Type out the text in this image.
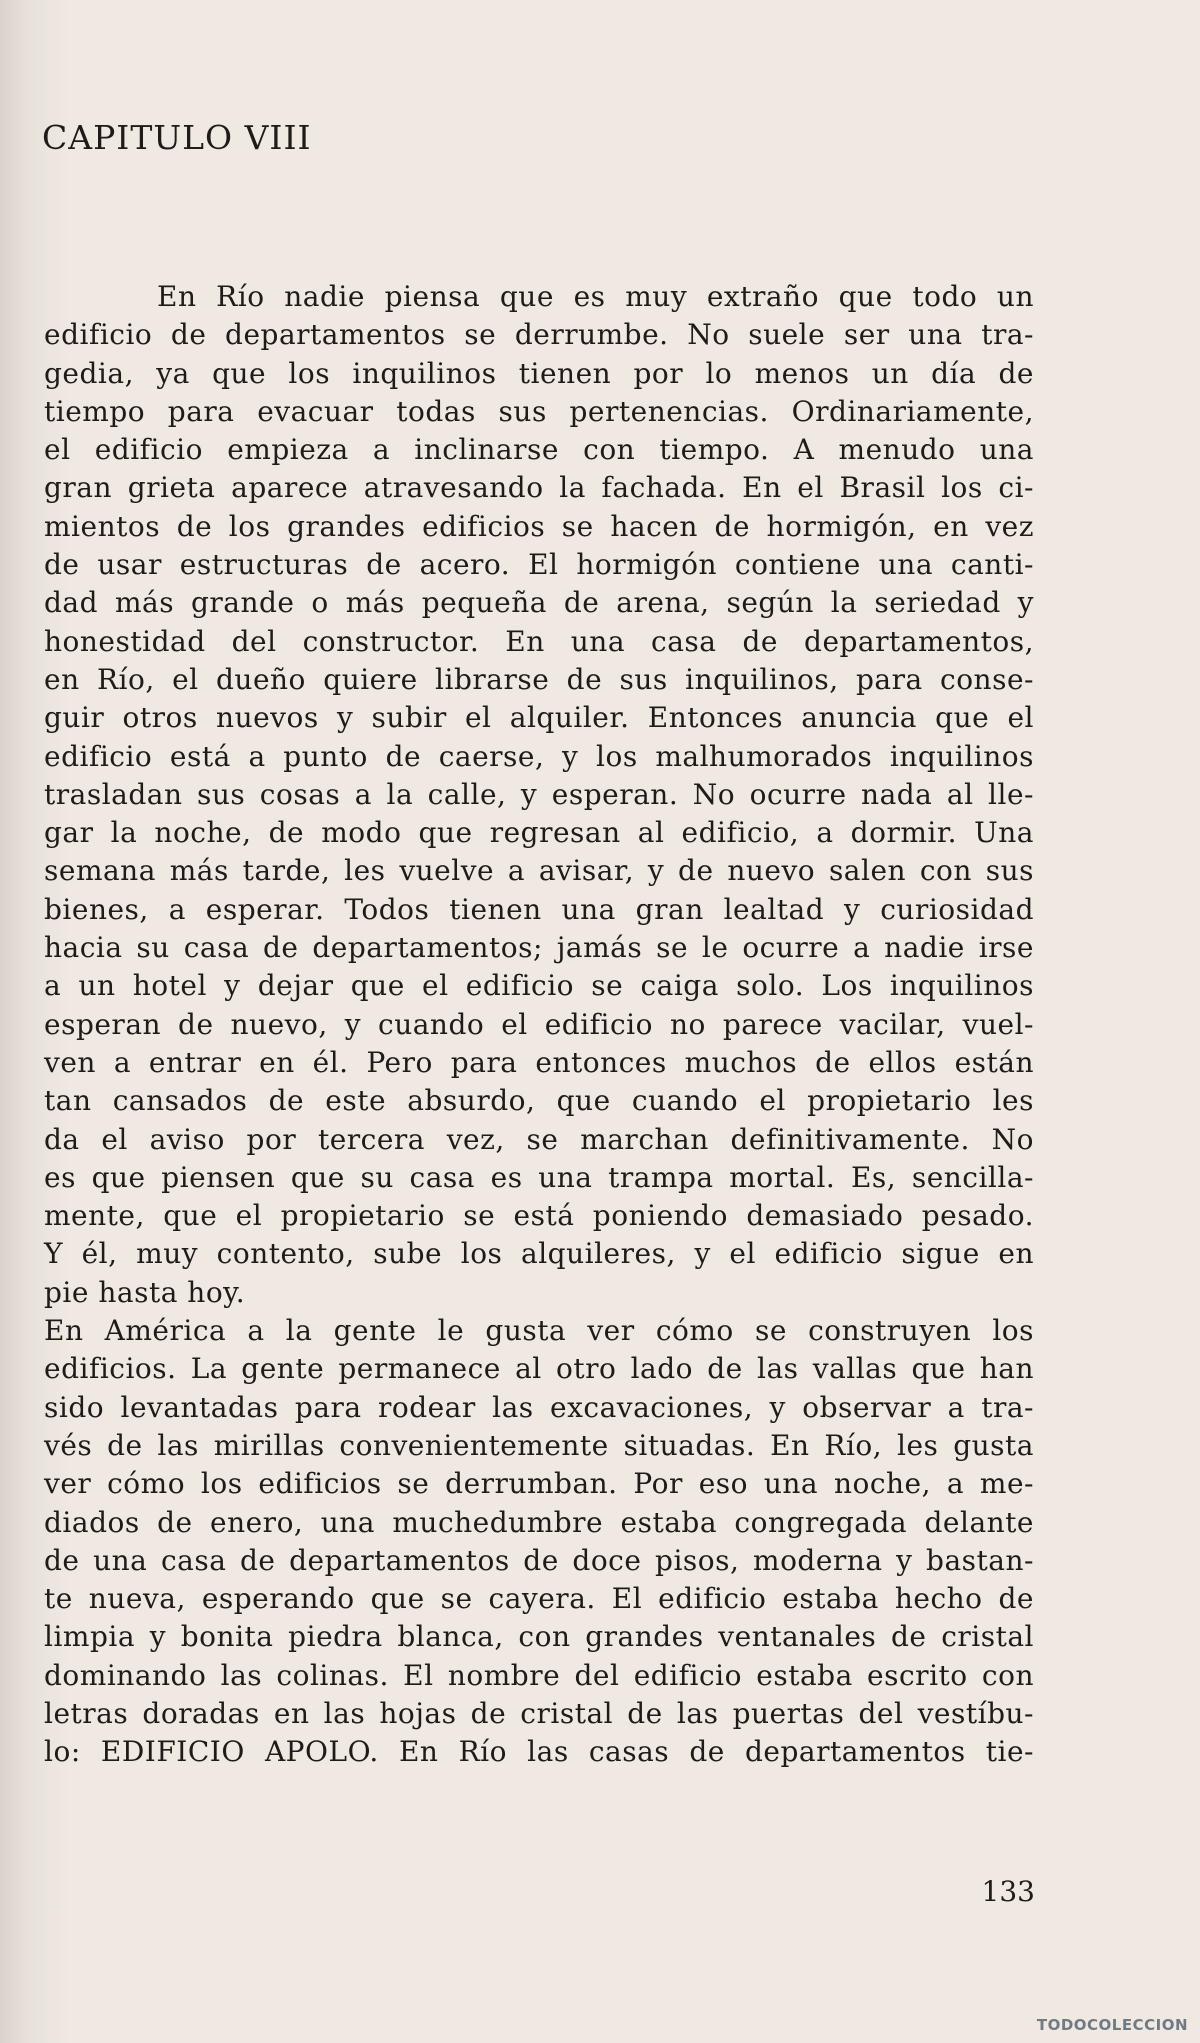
CAPITULO VIII
En Río nadie piensa que es muy extraño que todo un
edificio de departamentos se derrumbe. No suele ser una tra-
gedia, ya que los inquilinos tienen por lo menos un día de
tiempo para evacuar todas sus pertenencias. Ordinariamente,
el edificio empieza a inclinarse con tiempo. A menudo una
gran grieta aparece atravesando la fachada. En el Brasil los ci-
mientos de los grandes edificios se hacen de hormigón, en vez
de usar estructuras de acero. El hormigón contiene una canti-
dad más grande o más pequeña de arena, según la seriedad y
honestidad del constructor. En una casa de departamentos,
en Río, el dueño quiere librarse de sus inquilinos, para conse-
guir otros nuevos y subir el alquiler. Entonces anuncia que el
edificio está a punto de caerse, y los malhumorados inquilinos
trasladan sus cosas a la calle, y esperan. No ocurre nada al lle-
gar la noche, de modo que regresan al edificio, a dormir. Una
semana más tarde, les vuelve a avisar, y de nuevo salen con sus
bienes, a esperar. Todos tienen una gran lealtad y curiosidad
hacia su casa de departamentos; jamás se le ocurre a nadie irse
a un hotel y dejar que el edificio se caiga solo. Los inquilinos
esperan de nuevo, y cuando el edificio no parece vacilar, vuel-
ven a entrar en él. Pero para entonces muchos de ellos están
tan cansados de este absurdo, que cuando el propietario les
da el aviso por tercera vez, se marchan definitivamente. No
es que piensen que su casa es una trampa mortal. Es, sencilla-
mente, que el propietario se está poniendo demasiado pesado.
Y él, muy contento, sube los alquileres, y el edificio sigue en
pie hasta hoy.
En América a la gente le gusta ver cómo se construyen los
edificios. La gente permanece al otro lado de las vallas que han
sido levantadas para rodear las excavaciones, y observar a tra-
vés de las mirillas convenientemente situadas. En Río, les gusta
ver cómo los edificios se derrumban. Por eso una noche, a me-
diados de enero, una muchedumbre estaba congregada delante
de una casa de departamentos de doce pisos, moderna y bastan-
te nueva, esperando que se cayera. El edificio estaba hecho de
limpia y bonita piedra blanca, con grandes ventanales de cristal
dominando las colinas. El nombre del edificio estaba escrito con
letras doradas en las hojas de cristal de las puertas del vestíbu-
lo: EDIFICIO APOLO. En Río las casas de departamentos tie-
133
TODOCOLECCION
